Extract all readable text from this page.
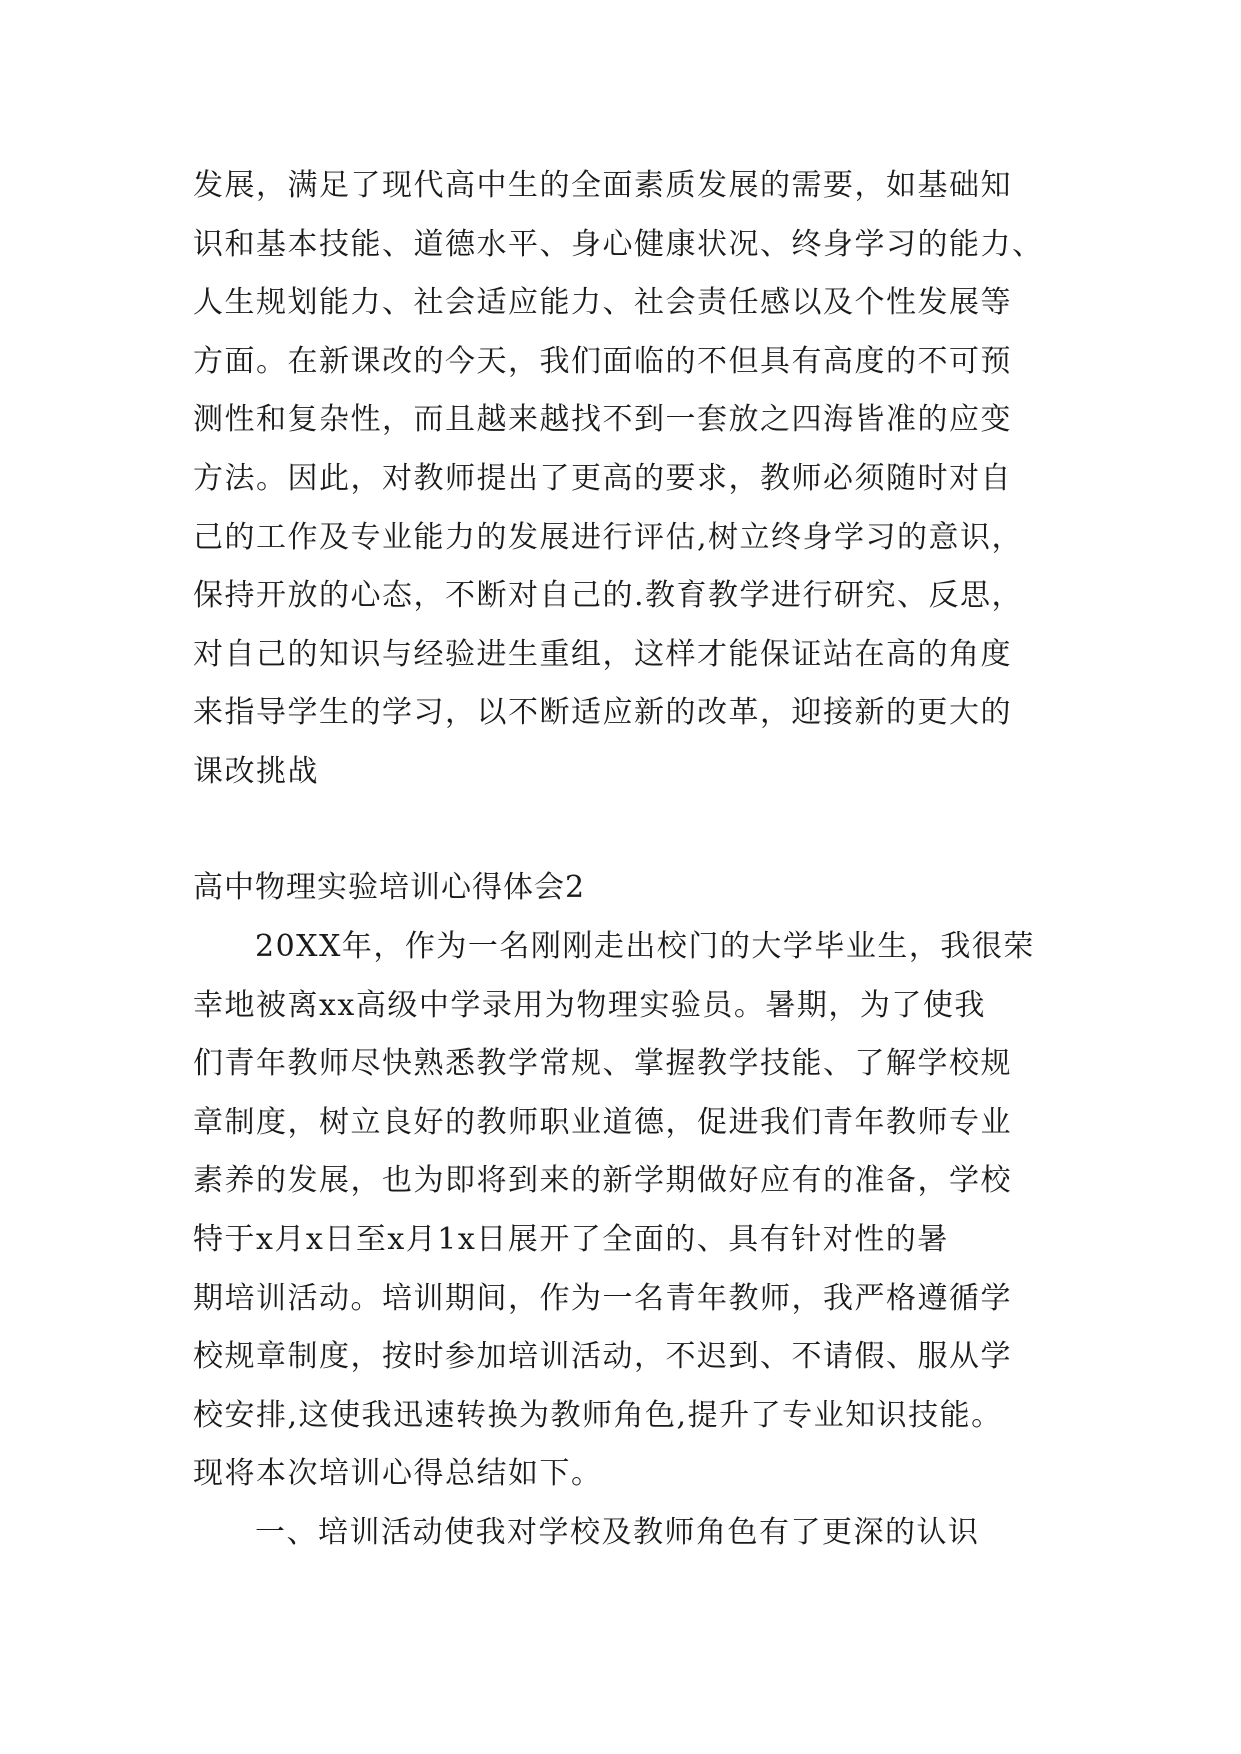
发展，满足了现代高中生的全面素质发展的需要，如基础知
识和基本技能、道德水平、身心健康状况、终身学习的能力、
人生规划能力、社会适应能力、社会责任感以及个性发展等
方面。在新课改的今天，我们面临的不但具有高度的不可预
测性和复杂性，而且越来越找不到一套放之四海皆准的应变
方法。因此，对教师提出了更高的要求，教师必须随时对自
己的工作及专业能力的发展进行评估,树立终身学习的意识，
保持开放的心态，不断对自己的.教育教学进行研究、反思，
对自己的知识与经验进生重组，这样才能保证站在高的角度
来指导学生的学习，以不断适应新的改革，迎接新的更大的
课改挑战
高中物理实验培训心得体会2
20XX年，作为一名刚刚走出校门的大学毕业生，我很荣
幸地被离xx高级中学录用为物理实验员。暑期，为了使我
们青年教师尽快熟悉教学常规、掌握教学技能、了解学校规
章制度，树立良好的教师职业道德，促进我们青年教师专业
素养的发展，也为即将到来的新学期做好应有的准备，学校
特于x月x日至x月1x日展开了全面的、具有针对性的暑
期培训活动。培训期间，作为一名青年教师，我严格遵循学
校规章制度，按时参加培训活动，不迟到、不请假、服从学
校安排,这使我迅速转换为教师角色,提升了专业知识技能。
现将本次培训心得总结如下。
一、培训活动使我对学校及教师角色有了更深的认识
